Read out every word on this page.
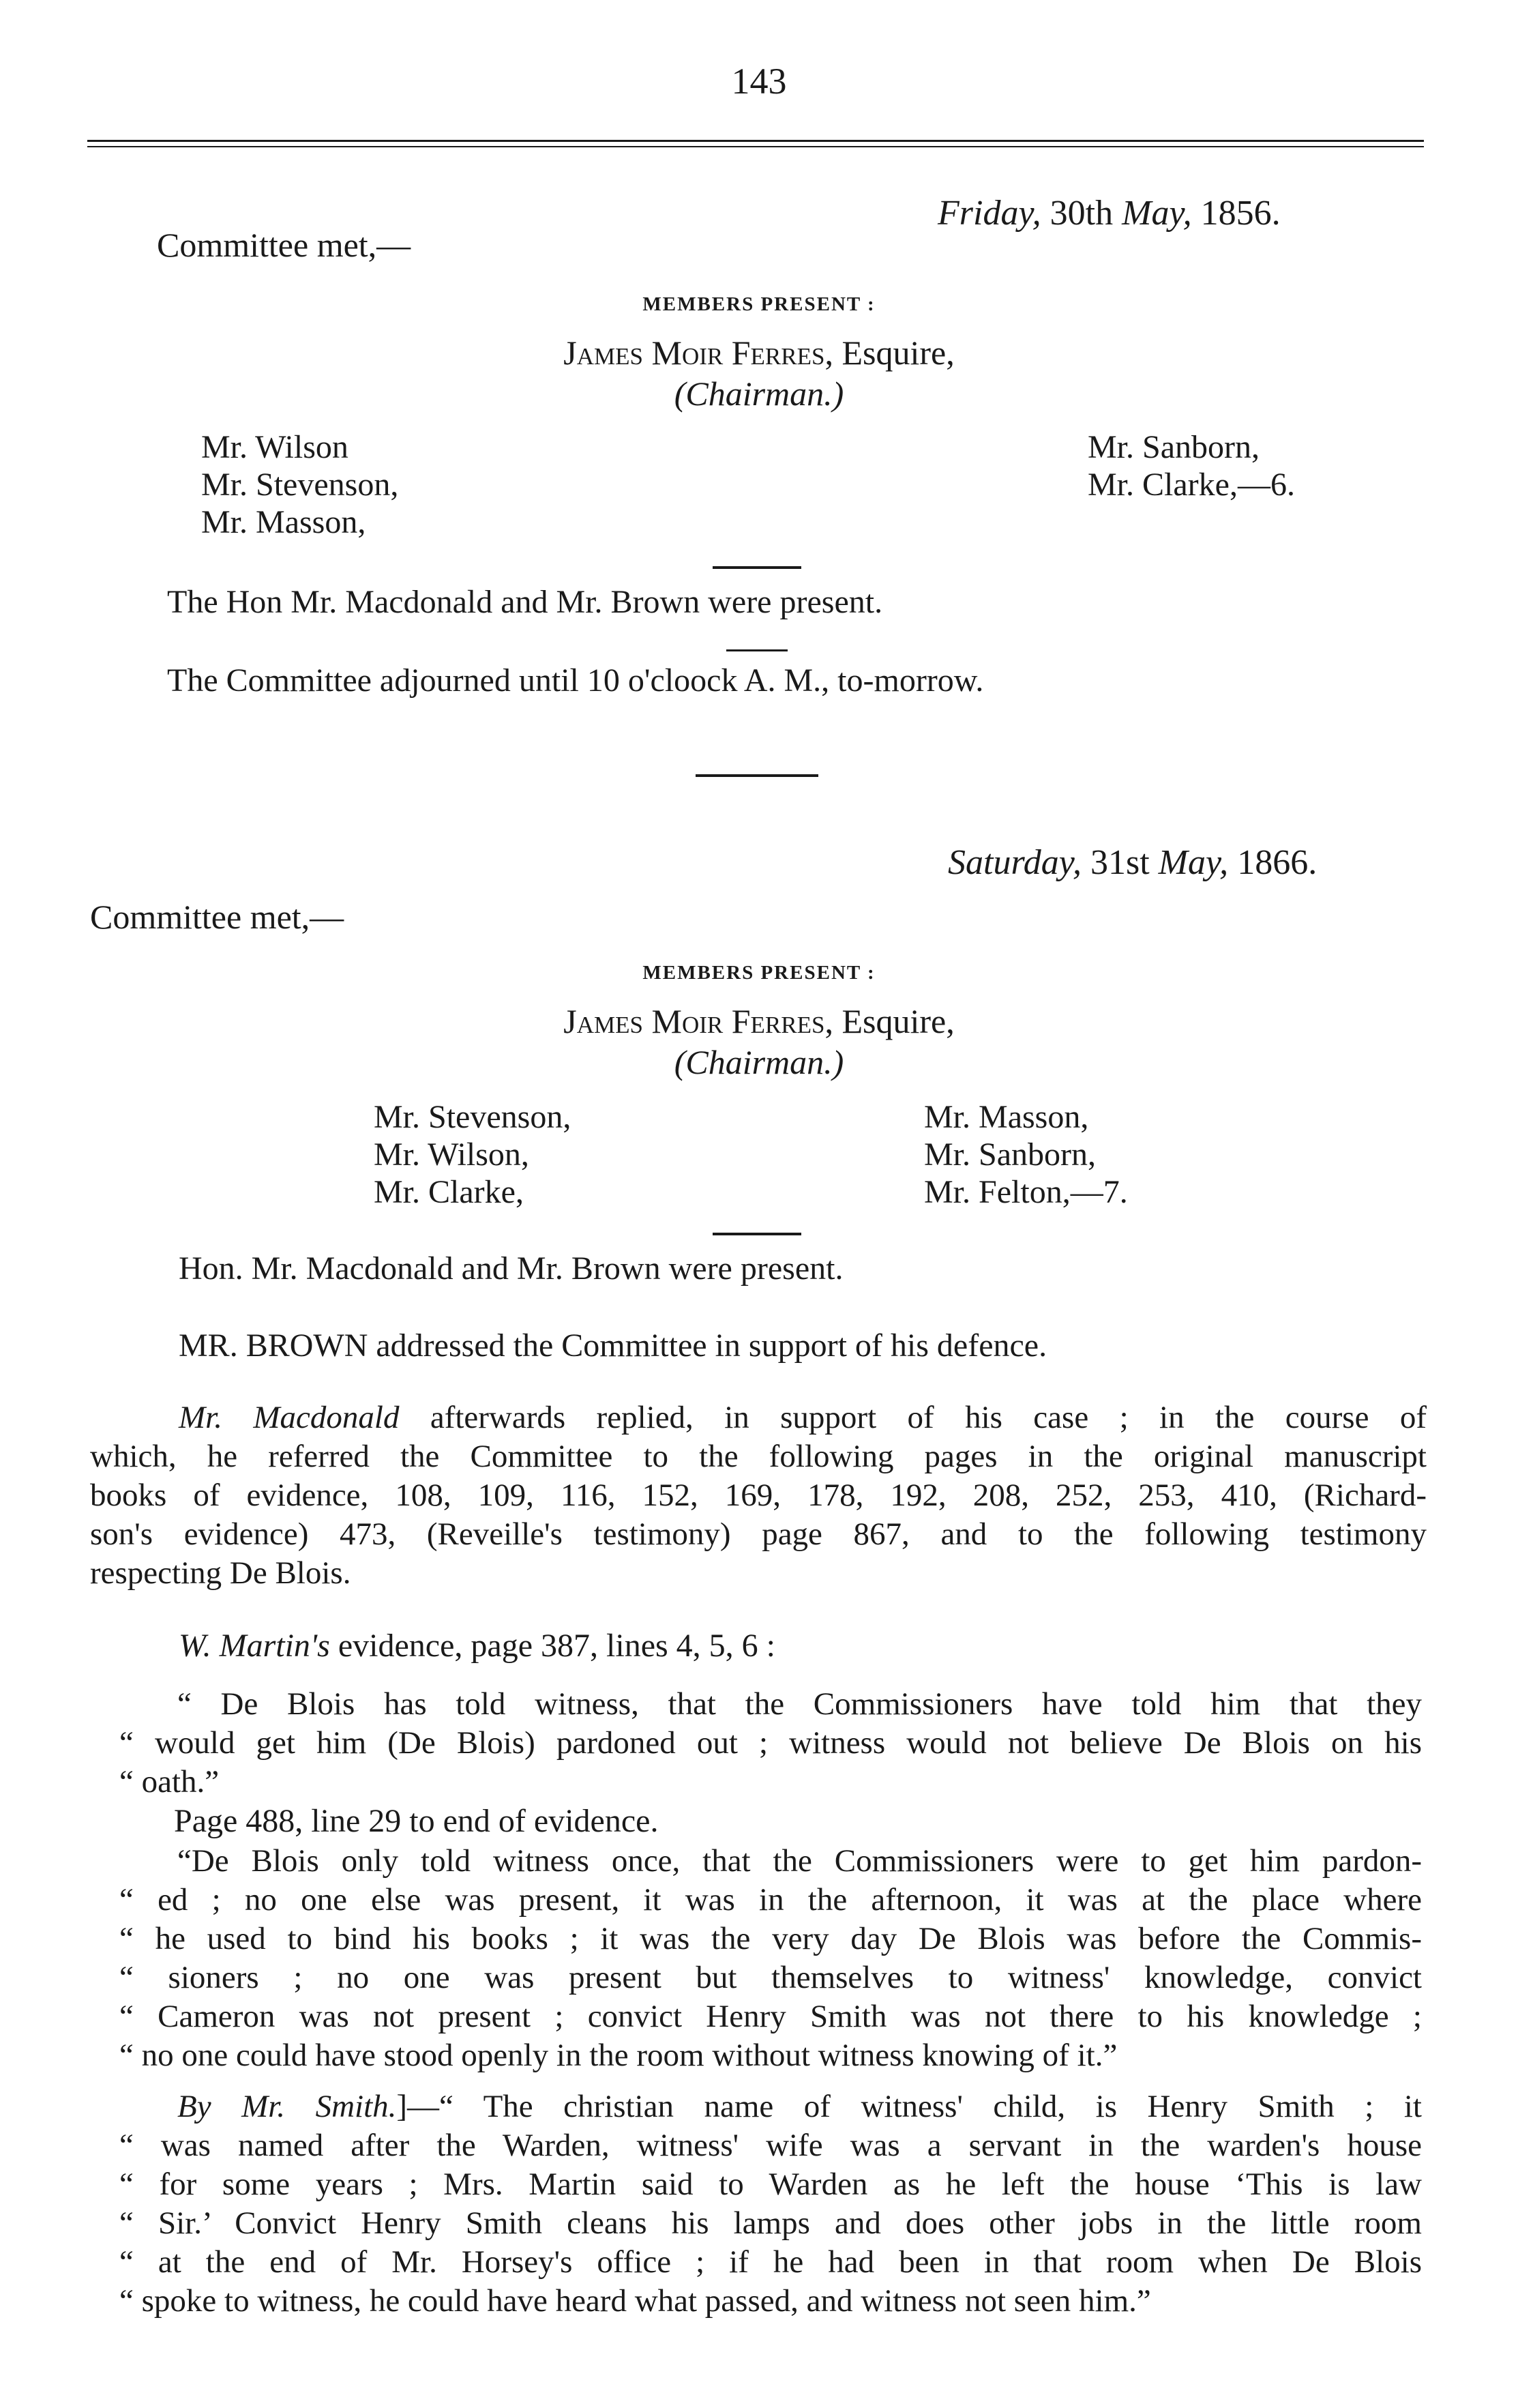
143
Friday, 30th May, 1856.
Committee met,—
MEMBERS PRESENT :
James Moir Ferres, Esquire,
(Chairman.)
Mr. Wilson
Mr. Stevenson,
Mr. Masson,
Mr. Sanborn,
Mr. Clarke,—6.
The Hon Mr. Macdonald and Mr. Brown were present.
The Committee adjourned until 10 o'cloock A. M., to-morrow.
Saturday, 31st May, 1866.
Committee met,—
MEMBERS PRESENT :
James Moir Ferres, Esquire,
(Chairman.)
Mr. Stevenson,
Mr. Wilson,
Mr. Clarke,
Mr. Masson,
Mr. Sanborn,
Mr. Felton,—7.
Hon. Mr. Macdonald and Mr. Brown were present.
MR. BROWN addressed the Committee in support of his defence.
Mr. Macdonald afterwards replied, in support of his case ; in the course of
which, he referred the Committee to the following pages in the original manuscript
books of evidence, 108, 109, 116, 152, 169, 178, 192, 208, 252, 253, 410, (Richard-
son's evidence) 473, (Reveille's testimony) page 867, and to the following testimony
respecting De Blois.
W. Martin's evidence, page 387, lines 4, 5, 6 :
“ De Blois has told witness, that the Commissioners have told him that they
“ would get him (De Blois) pardoned out ; witness would not believe De Blois on his
“ oath.”
Page 488, line 29 to end of evidence.
“De Blois only told witness once, that the Commissioners were to get him pardon-
“ ed ; no one else was present, it was in the afternoon, it was at the place where
“ he used to bind his books ; it was the very day De Blois was before the Commis-
“ sioners ; no one was present but themselves to witness' knowledge, convict
“ Cameron was not present ; convict Henry Smith was not there to his knowledge ;
“ no one could have stood openly in the room without witness knowing of it.”
By Mr. Smith.]—“ The christian name of witness' child, is Henry Smith ; it
“ was named after the Warden, witness' wife was a servant in the warden's house
“ for some years ; Mrs. Martin said to Warden as he left the house ‘This is law
“ Sir.’ Convict Henry Smith cleans his lamps and does other jobs in the little room
“ at the end of Mr. Horsey's office ; if he had been in that room when De Blois
“ spoke to witness, he could have heard what passed, and witness not seen him.”
